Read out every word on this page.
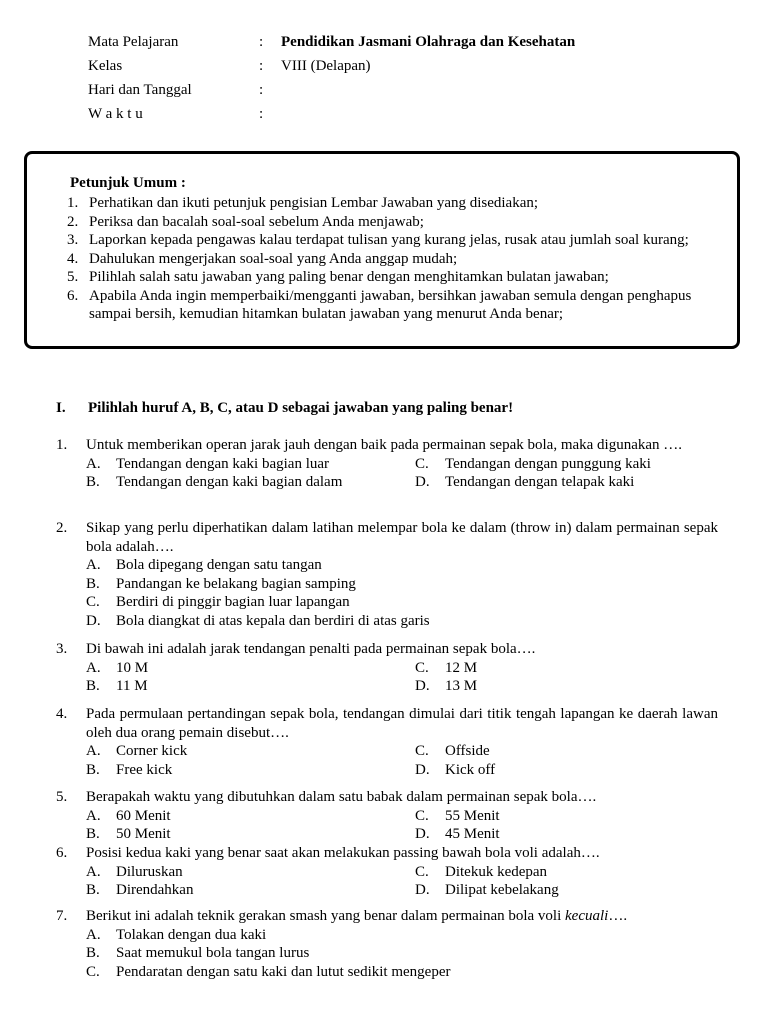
Mata Pelajaran	:	Pendidikan Jasmani Olahraga dan Kesehatan
Kelas	:	VIII (Delapan)
Hari dan Tanggal	:
W a k t u	:
Petunjuk Umum :
1. Perhatikan dan ikuti petunjuk pengisian Lembar Jawaban yang disediakan;
2. Periksa dan bacalah soal-soal sebelum Anda menjawab;
3. Laporkan kepada pengawas kalau terdapat tulisan yang kurang jelas, rusak atau jumlah soal kurang;
4. Dahulukan mengerjakan soal-soal yang Anda anggap mudah;
5. Pilihlah salah satu jawaban yang paling benar dengan menghitamkan bulatan jawaban;
6. Apabila Anda ingin memperbaiki/mengganti jawaban, bersihkan jawaban semula dengan penghapus sampai bersih, kemudian hitamkan bulatan jawaban yang menurut Anda benar;
I.	Pilihlah huruf A, B, C, atau D sebagai jawaban yang paling benar!
1.	Untuk memberikan operan jarak jauh dengan baik pada permainan sepak bola, maka digunakan ….
A.	Tendangan dengan kaki bagian luar	C.	Tendangan dengan punggung kaki
B.	Tendangan dengan kaki bagian dalam	D.	Tendangan dengan telapak kaki
2.	Sikap yang perlu diperhatikan dalam latihan melempar bola ke dalam (throw in) dalam permainan sepak bola adalah….
A.	Bola dipegang dengan satu tangan
B.	Pandangan ke belakang bagian samping
C.	Berdiri di pinggir bagian luar lapangan
D.	Bola diangkat di atas kepala dan berdiri di atas garis
3.	Di bawah ini adalah jarak tendangan penalti pada permainan sepak bola….
A.	10 M	C.	12 M
B.	11 M	D.	13 M
4.	Pada permulaan pertandingan sepak bola, tendangan dimulai dari titik tengah lapangan ke daerah lawan oleh dua orang pemain disebut….
A.	Corner kick	C.	Offside
B.	Free kick	D.	Kick off
5.	Berapakah waktu yang dibutuhkan dalam satu babak dalam permainan sepak bola….
A.	60 Menit	C.	55 Menit
B.	50 Menit	D.	45 Menit
6.	Posisi kedua kaki yang benar saat akan melakukan passing bawah bola voli adalah….
A.	Diluruskan	C.	Ditekuk kedepan
B.	Direndahkan	D.	Dilipat kebelakang
7.	Berikut ini adalah teknik gerakan smash yang benar dalam permainan bola voli kecuali….
A.	Tolakan dengan dua kaki
B.	Saat memukul bola tangan lurus
C.	Pendaratan dengan satu kaki dan lutut sedikit mengeper
